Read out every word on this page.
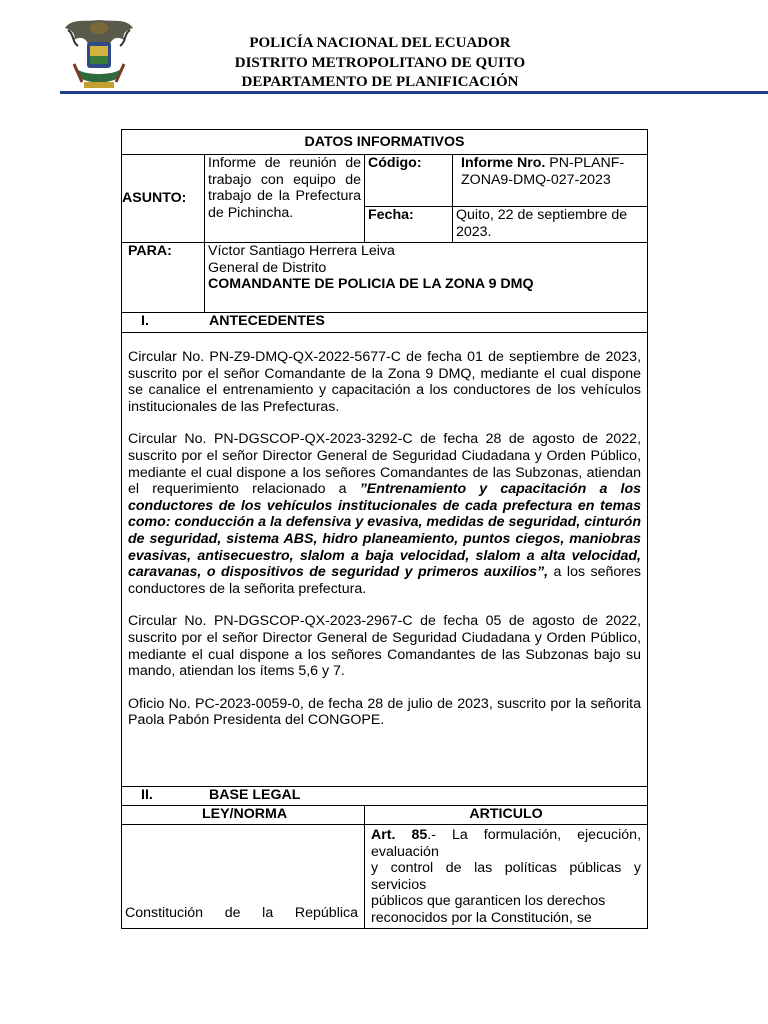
POLICÍA NACIONAL DEL ECUADOR
DISTRITO METROPOLITANO DE QUITO
DEPARTAMENTO DE PLANIFICACIÓN
DATOS INFORMATIVOS			
ASUNTO:	Informe de reunión de trabajo con equipo de trabajo de la Prefectura de Pichincha.	Código:	Informe Nro. PN-PLANF-ZONA9-DMQ-027-2023
		Fecha:	Quito, 22 de septiembre de 2023.
PARA:	Víctor Santiago Herrera Leiva
General de Distrito
COMANDANTE DE POLICIA DE LA ZONA 9 DMQ		

I. ANTECEDENTES			

Circular No. PN-Z9-DMQ-QX-2022-5677-C de fecha 01 de septiembre de 2023, suscrito por el señor Comandante de la Zona 9 DMQ, mediante el cual dispone se canalice el entrenamiento y capacitación a los conductores de los vehículos institucionales de las Prefecturas.

Circular No. PN-DGSCOP-QX-2023-3292-C de fecha 28 de agosto de 2022, suscrito por el señor Director General de Seguridad Ciudadana y Orden Público, mediante el cual dispone a los señores Comandantes de las Subzonas, atiendan el requerimiento relacionado a ”Entrenamiento y capacitación a los conductores de los vehículos institucionales de cada prefectura en temas como: conducción a la defensiva y evasiva, medidas de seguridad, cinturón de seguridad, sistema ABS, hidro planeamiento, puntos ciegos, maniobras evasivas, antisecuestro, slalom a baja velocidad, slalom a alta velocidad, caravanas, o dispositivos de seguridad y primeros auxilios”, a los señores conductores de la señorita prefectura.

Circular No. PN-DGSCOP-QX-2023-2967-C de fecha 05 de agosto de 2022, suscrito por el señor Director General de Seguridad Ciudadana y Orden Público, mediante el cual dispone a los señores Comandantes de las Subzonas bajo su mando, atiendan los ítems 5,6 y 7.

Oficio No. PC-2023-0059-0, de fecha 28 de julio de 2023, suscrito por la señorita Paola Pabón Presidenta del CONGOPE.			

II. BASE LEGAL			
LEY/NORMA		ARTICULO	

Constitución de la República		Art. 85.- La formulación, ejecución, evaluación
y control de las políticas públicas y servicios
públicos que garanticen los derechos
reconocidos por la Constitución, se	
